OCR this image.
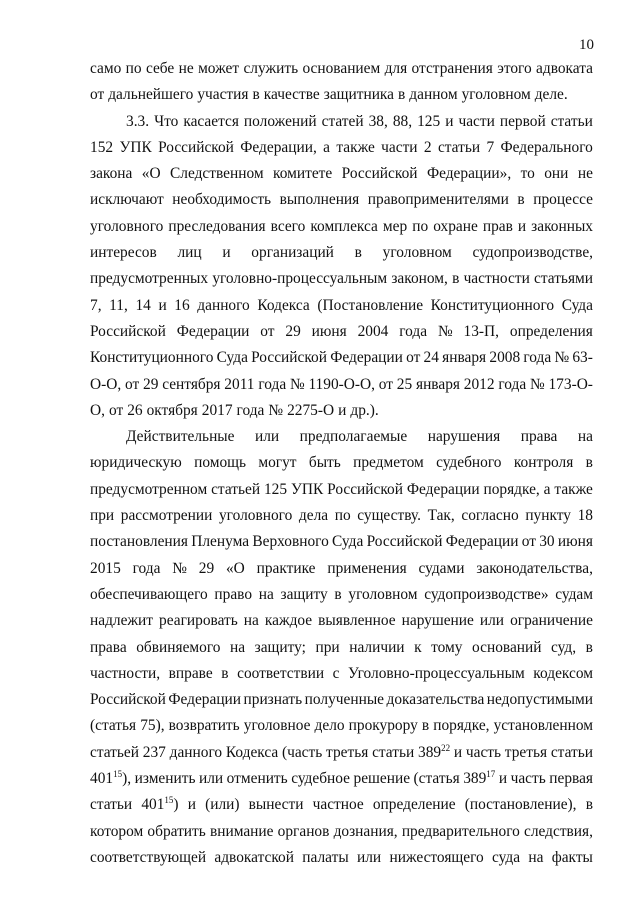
10
само по себе не может служить основанием для отстранения этого адвоката
от дальнейшего участия в качестве защитника в данном уголовном деле.
3.3. Что касается положений статей 38, 88, 125 и части первой статьи
152 УПК Российской Федерации, а также части 2 статьи 7 Федерального
закона «О Следственном комитете Российской Федерации», то они не
исключают необходимость выполнения правоприменителями в процессе
уголовного преследования всего комплекса мер по охране прав и законных
интересов лиц и организаций в уголовном судопроизводстве,
предусмотренных уголовно-процессуальным законом, в частности статьями
7, 11, 14 и 16 данного Кодекса (Постановление Конституционного Суда
Российской Федерации от 29 июня 2004 года № 13-П, определения
Конституционного Суда Российской Федерации от 24 января 2008 года № 63-
О-О, от 29 сентября 2011 года № 1190-О-О, от 25 января 2012 года № 173-О-
О, от 26 октября 2017 года № 2275-О и др.).
Действительные или предполагаемые нарушения права на
юридическую помощь могут быть предметом судебного контроля в
предусмотренном статьей 125 УПК Российской Федерации порядке, а также
при рассмотрении уголовного дела по существу. Так, согласно пункту 18
постановления Пленума Верховного Суда Российской Федерации от 30 июня
2015 года № 29 «О практике применения судами законодательства,
обеспечивающего право на защиту в уголовном судопроизводстве» судам
надлежит реагировать на каждое выявленное нарушение или ограничение
права обвиняемого на защиту; при наличии к тому оснований суд, в
частности, вправе в соответствии с Уголовно-процессуальным кодексом
Российской Федерации признать полученные доказательства недопустимыми
(статья 75), возвратить уголовное дело прокурору в порядке, установленном
статьей 237 данного Кодекса (часть третья статьи $389^{22}$ и часть третья статьи
$401^{15}$), изменить или отменить судебное решение (статья $389^{17}$ и часть первая
статьи $401^{15}$) и (или) вынести частное определение (постановление), в
котором обратить внимание органов дознания, предварительного следствия,
соответствующей адвокатской палаты или нижестоящего суда на факты
